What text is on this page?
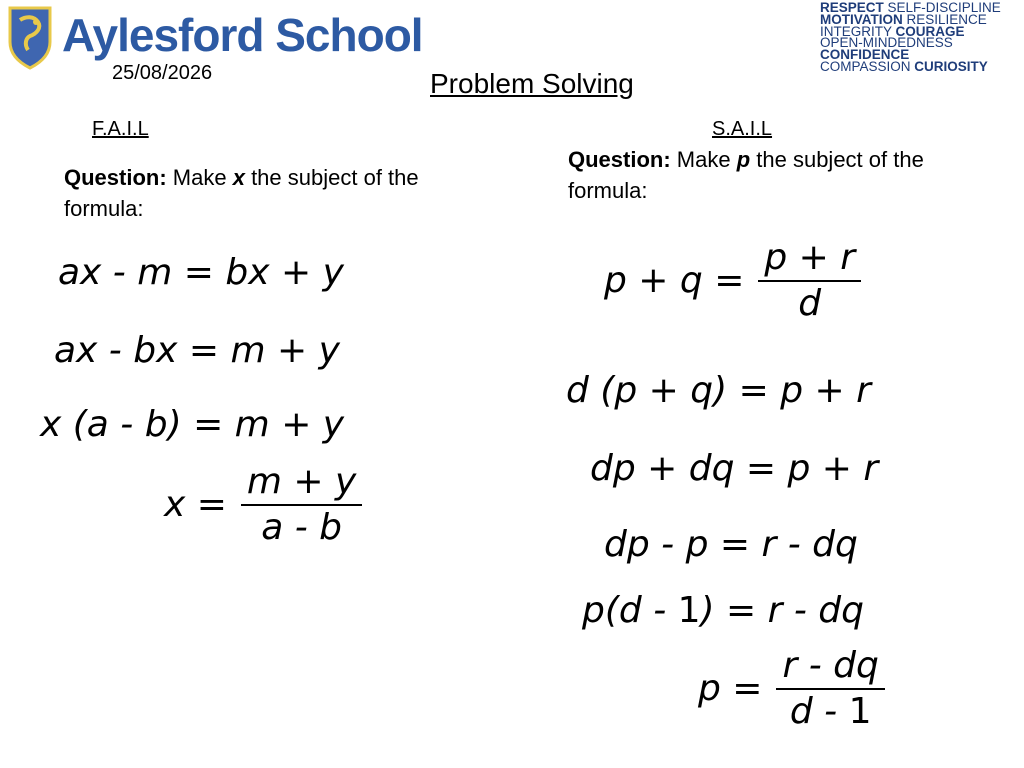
Aylesford School
25/08/2026	Problem Solving
RESPECT SELF-DISCIPLINE
MOTIVATION RESILIENCE
INTEGRITY COURAGE
OPEN-MINDEDNESS
CONFIDENCE
COMPASSION CURIOSITY
F.A.I.L
Question: Make x the subject of the formula:
ax - m = bx + y
ax - bx = m + y
x (a - b) = m + y
$x = \frac{m + y}{a - b}$
S.A.I.L
Question: Make p the subject of the formula:
$p + q = \frac{p + r}{d}$
d (p + q) = p + r
dp + dq = p + r
dp - p = r - dq
p(d - 1) = r - dq
$p = \frac{r - dq}{d - 1}$
